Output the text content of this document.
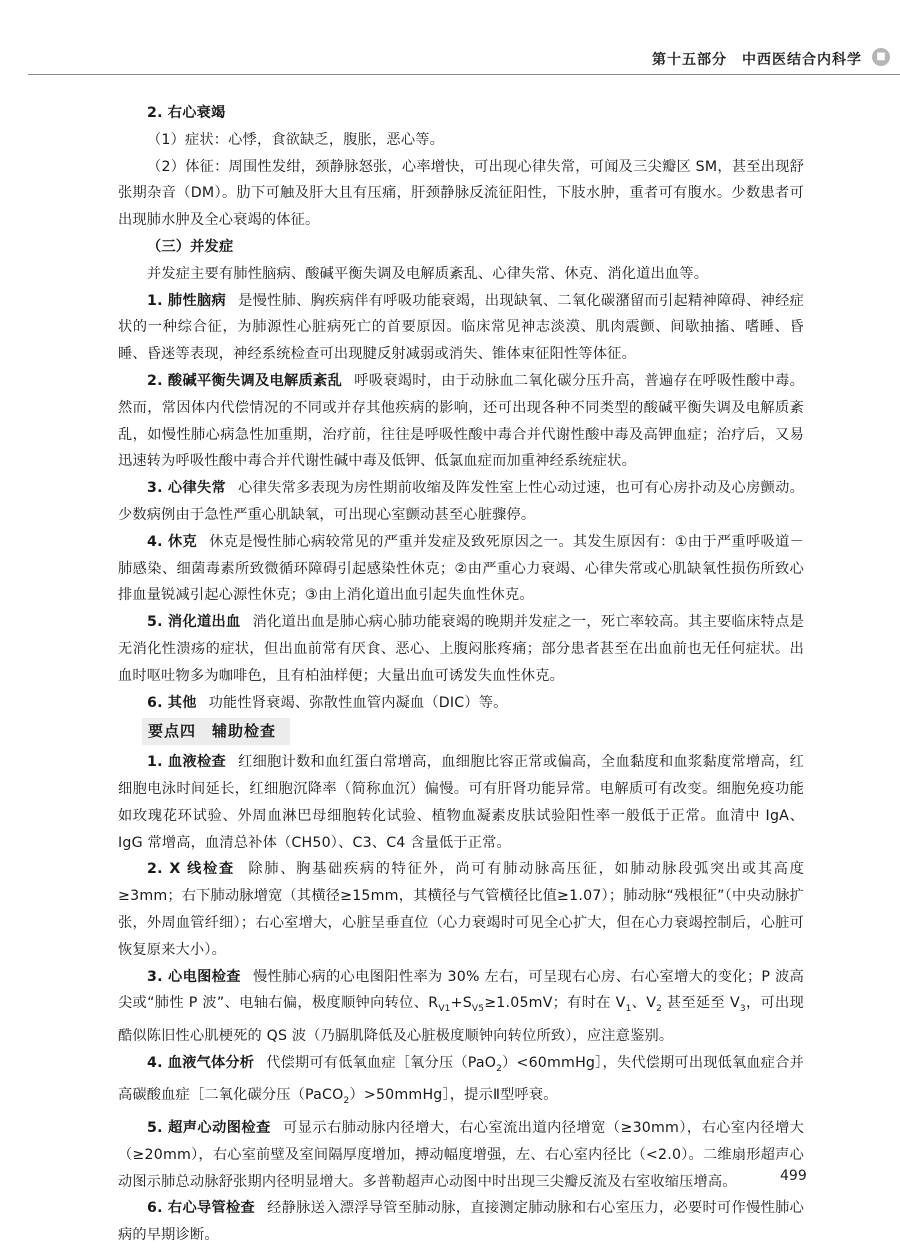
第十五部分　中西医结合内科学	■

2. 右心衰竭

（1）症状：心悸，食欲缺乏，腹胀，恶心等。

（2）体征：周围性发绀，颈静脉怒张，心率增快，可出现心律失常，可闻及三尖瓣区 SM，甚至出现舒张期杂音（DM）。肋下可触及肝大且有压痛，肝颈静脉反流征阳性，下肢水肿，重者可有腹水。少数患者可出现肺水肿及全心衰竭的体征。

（三）并发症

并发症主要有肺性脑病、酸碱平衡失调及电解质紊乱、心律失常、休克、消化道出血等。

1. 肺性脑病 是慢性肺、胸疾病伴有呼吸功能衰竭，出现缺氧、二氧化碳潴留而引起精神障碍、神经症状的一种综合征，为肺源性心脏病死亡的首要原因。临床常见神志淡漠、肌肉震颤、间歇抽搐、嗜睡、昏睡、昏迷等表现，神经系统检查可出现腱反射减弱或消失、锥体束征阳性等体征。

2. 酸碱平衡失调及电解质紊乱 呼吸衰竭时，由于动脉血二氧化碳分压升高，普遍存在呼吸性酸中毒。然而，常因体内代偿情况的不同或并存其他疾病的影响，还可出现各种不同类型的酸碱平衡失调及电解质紊乱，如慢性肺心病急性加重期，治疗前，往往是呼吸性酸中毒合并代谢性酸中毒及高钾血症；治疗后，又易迅速转为呼吸性酸中毒合并代谢性碱中毒及低钾、低氯血症而加重神经系统症状。

3. 心律失常 心律失常多表现为房性期前收缩及阵发性室上性心动过速，也可有心房扑动及心房颤动。少数病例由于急性严重心肌缺氧，可出现心室颤动甚至心脏骤停。

4. 休克 休克是慢性肺心病较常见的严重并发症及致死原因之一。其发生原因有：①由于严重呼吸道－肺感染、细菌毒素所致微循环障碍引起感染性休克；②由严重心力衰竭、心律失常或心肌缺氧性损伤所致心排血量锐减引起心源性休克；③由上消化道出血引起失血性休克。

5. 消化道出血 消化道出血是肺心病心肺功能衰竭的晚期并发症之一，死亡率较高。其主要临床特点是无消化性溃疡的症状，但出血前常有厌食、恶心、上腹闷胀疼痛；部分患者甚至在出血前也无任何症状。出血时呕吐物多为咖啡色，且有柏油样便；大量出血可诱发失血性休克。

6. 其他 功能性肾衰竭、弥散性血管内凝血（DIC）等。

要点四　辅助检查

1. 血液检查 红细胞计数和血红蛋白常增高，血细胞比容正常或偏高，全血黏度和血浆黏度常增高，红细胞电泳时间延长，红细胞沉降率（简称血沉）偏慢。可有肝肾功能异常。电解质可有改变。细胞免疫功能如玫瑰花环试验、外周血淋巴母细胞转化试验、植物血凝素皮肤试验阳性率一般低于正常。血清中 IgA、IgG 常增高，血清总补体（CH50）、C3、C4 含量低于正常。

2. X 线检查 除肺、胸基础疾病的特征外，尚可有肺动脉高压征，如肺动脉段弧突出或其高度≥3mm；右下肺动脉增宽（其横径≥15mm，其横径与气管横径比值≥1.07）；肺动脉“残根征”（中央动脉扩张，外周血管纤细）；右心室增大，心脏呈垂直位（心力衰竭时可见全心扩大，但在心力衰竭控制后，心脏可恢复原来大小）。

3. 心电图检查 慢性肺心病的心电图阳性率为 30% 左右，可呈现右心房、右心室增大的变化；P 波高尖或“肺性 P 波”、电轴右偏，极度顺钟向转位、$R_{V1}+S_{V5}\ge 1.05mV$；有时在 $V_1$、$V_2$ 甚至延至 $V_3$，可出现酷似陈旧性心肌梗死的 QS 波（乃膈肌降低及心脏极度顺钟向转位所致），应注意鉴别。

4. 血液气体分析 代偿期可有低氧血症［氧分压（PaO$_2$）<60mmHg］，失代偿期可出现低氧血症合并高碳酸血症［二氧化碳分压（PaCO$_2$）>50mmHg］，提示Ⅱ型呼衰。

5. 超声心动图检查 可显示右肺动脉内径增大，右心室流出道内径增宽（≥30mm），右心室内径增大（≥20mm），右心室前壁及室间隔厚度增加，搏动幅度增强，左、右心室内径比（<2.0）。二维扇形超声心动图示肺总动脉舒张期内径明显增大。多普勒超声心动图中时出现三尖瓣反流及右室收缩压增高。

6. 右心导管检查 经静脉送入漂浮导管至肺动脉，直接测定肺动脉和右心室压力，必要时可作慢性肺心病的早期诊断。

499
